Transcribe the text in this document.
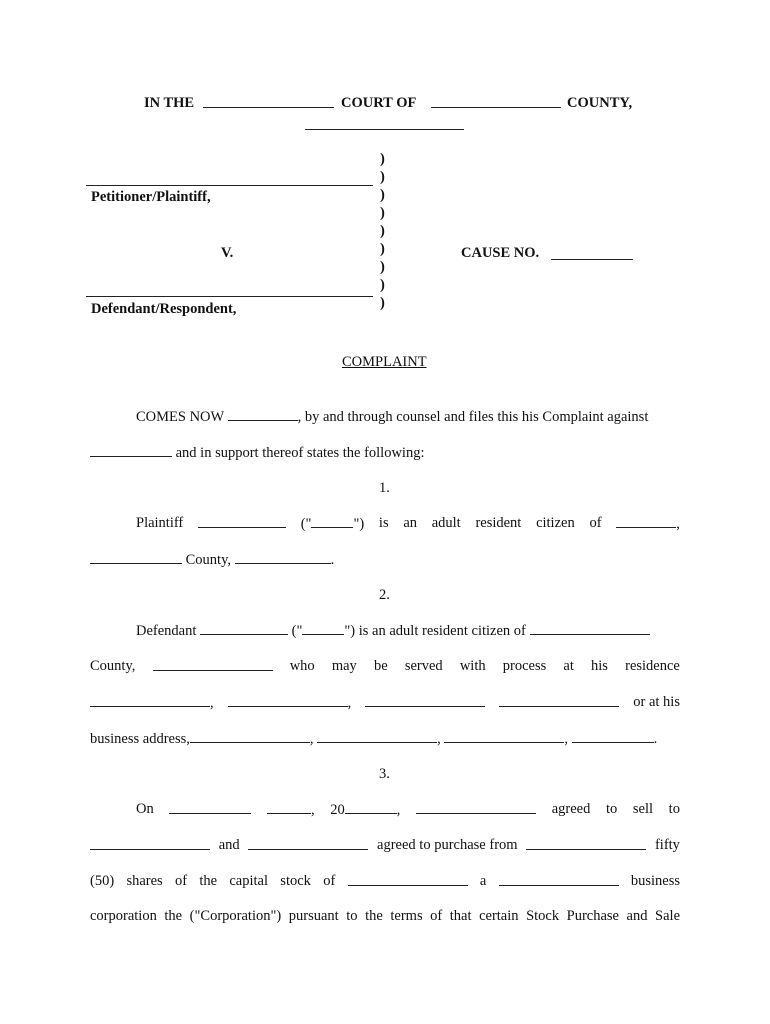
IN THE	COURT OF	COUNTY,
Petitioner/Plaintiff,
V.
Defendant/Respondent,
)
)
)
)
)
)
)
)
)
CAUSE NO.
COMPLAINT
COMES NOW	, by and through counsel and files this his Complaint against
and in support thereof states the following:
1.
Plaintiff	("	") is an adult resident citizen of	,
County,	.
2.
Defendant	("	") is an adult resident citizen of
County,	who may be served with process at his residence
,	,	or at his
business address,	,	,	,	.
3.
On	, 20	,	agreed to sell to
and	agreed to purchase from	fifty
(50) shares of the capital stock of	a	business
corporation the ("Corporation") pursuant to the terms of that certain Stock Purchase and Sale
